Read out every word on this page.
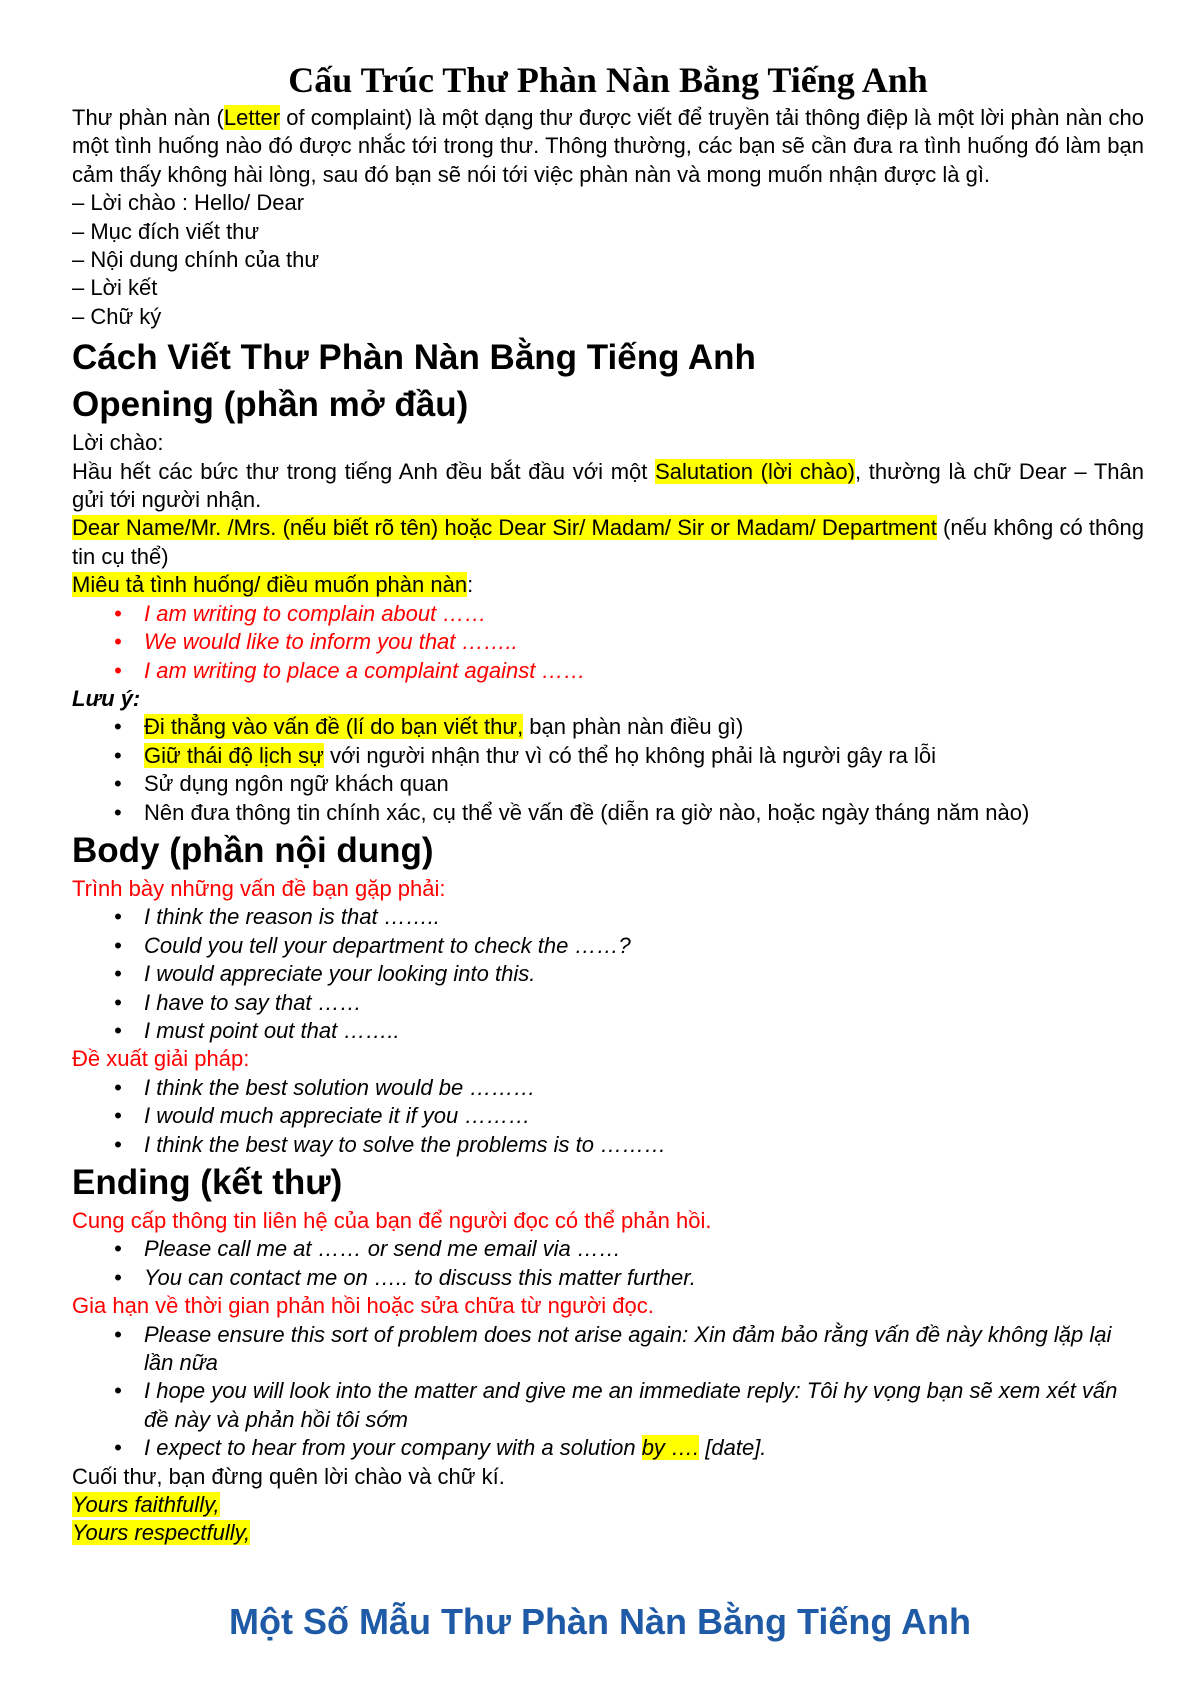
Cấu Trúc Thư Phàn Nàn Bằng Tiếng Anh

Thư phàn nàn (Letter of complaint) là một dạng thư được viết để truyền tải thông điệp là một lời phàn nàn cho một tình huống nào đó được nhắc tới trong thư. Thông thường, các bạn sẽ cần đưa ra tình huống đó làm bạn cảm thấy không hài lòng, sau đó bạn sẽ nói tới việc phàn nàn và mong muốn nhận được là gì.

– Lời chào : Hello/ Dear

– Mục đích viết thư

– Nội dung chính của thư

– Lời kết

– Chữ ký

Cách Viết Thư Phàn Nàn Bằng Tiếng Anh
Opening (phần mở đầu)

Lời chào:

Hầu hết các bức thư trong tiếng Anh đều bắt đầu với một Salutation (lời chào), thường là chữ Dear – Thân gửi tới người nhận.

Dear Name/Mr. /Mrs. (nếu biết rõ tên) hoặc Dear Sir/ Madam/ Sir or Madam/ Department (nếu không có thông tin cụ thể)

Miêu tả tình huống/ điều muốn phàn nàn:

• I am writing to complain about ……
• We would like to inform you that ……..
• I am writing to place a complaint against ……

Lưu ý:

• Đi thẳng vào vấn đề (lí do bạn viết thư, bạn phàn nàn điều gì)
• Giữ thái độ lịch sự với người nhận thư vì có thể họ không phải là người gây ra lỗi
• Sử dụng ngôn ngữ khách quan
• Nên đưa thông tin chính xác, cụ thể về vấn đề (diễn ra giờ nào, hoặc ngày tháng năm nào)
Body (phần nội dung)

Trình bày những vấn đề bạn gặp phải:

• I think the reason is that ……..
• Could you tell your department to check the ……?
• I would appreciate your looking into this.
• I have to say that ……
• I must point out that ……..

Đề xuất giải pháp:

• I think the best solution would be ………
• I would much appreciate it if you ………
• I think the best way to solve the problems is to ………
Ending (kết thư)

Cung cấp thông tin liên hệ của bạn để người đọc có thể phản hồi.

• Please call me at …… or send me email via ……
• You can contact me on ….. to discuss this matter further.

Gia hạn về thời gian phản hồi hoặc sửa chữa từ người đọc.

• Please ensure this sort of problem does not arise again: Xin đảm bảo rằng vấn đề này không lặp lại lần nữa
• I hope you will look into the matter and give me an immediate reply: Tôi hy vọng bạn sẽ xem xét vấn đề này và phản hồi tôi sớm
• I expect to hear from your company with a solution by …. [date].

Cuối thư, bạn đừng quên lời chào và chữ kí.

Yours faithfully,

Yours respectfully,

Một Số Mẫu Thư Phàn Nàn Bằng Tiếng Anh
